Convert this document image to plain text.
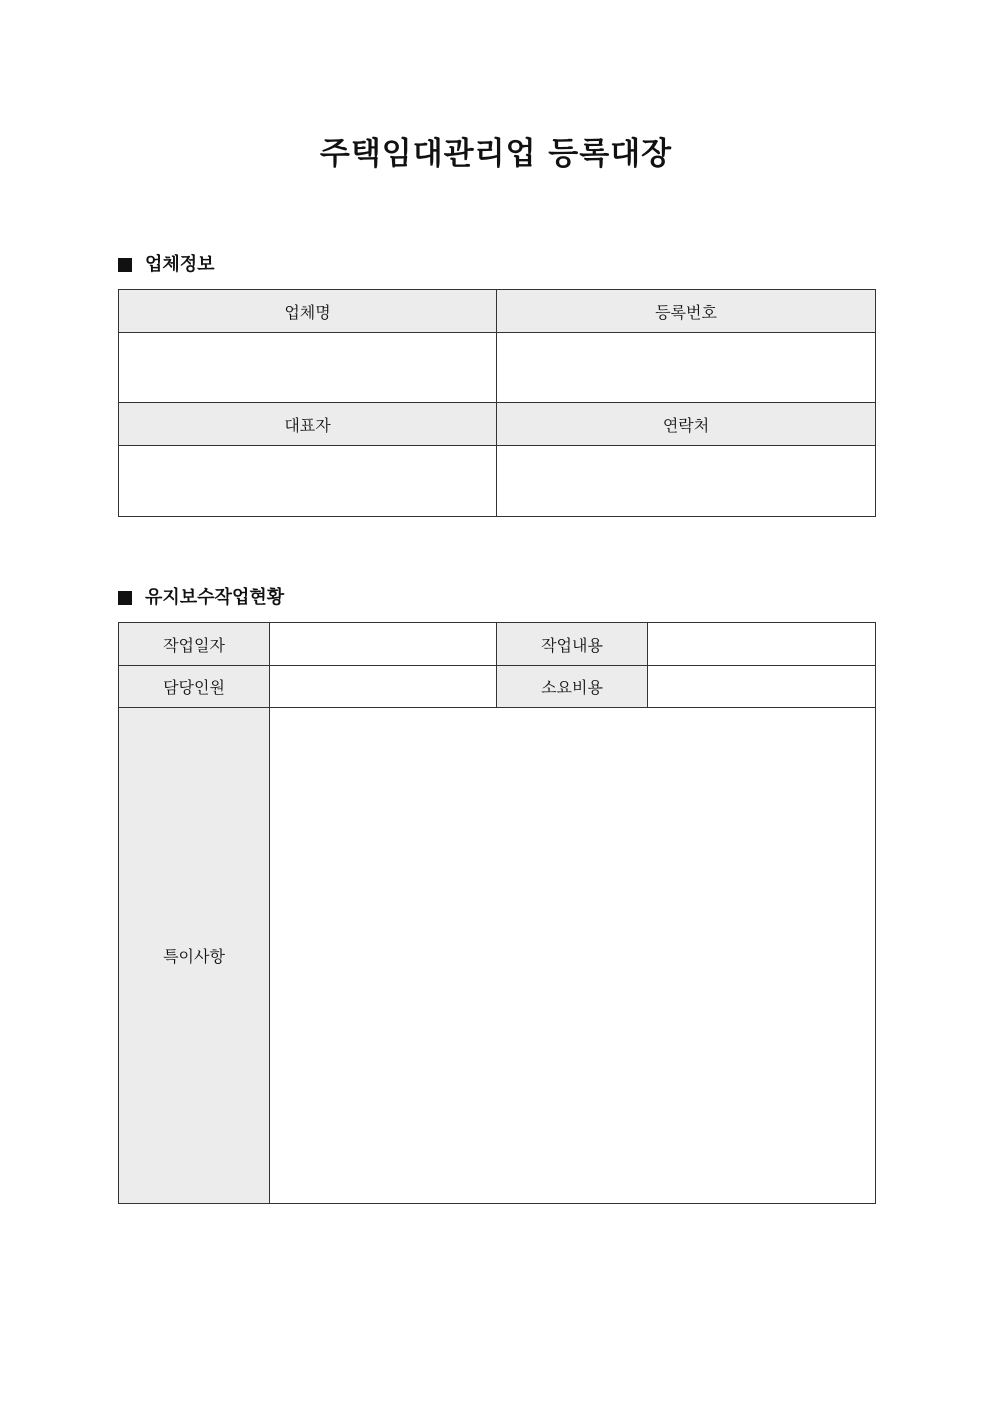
주택임대관리업 등록대장
업체정보
업체명	등록번호

대표자	연락처

유지보수작업현황
작업일자		작업내용	
담당인원		소요비용	
특이사항			
